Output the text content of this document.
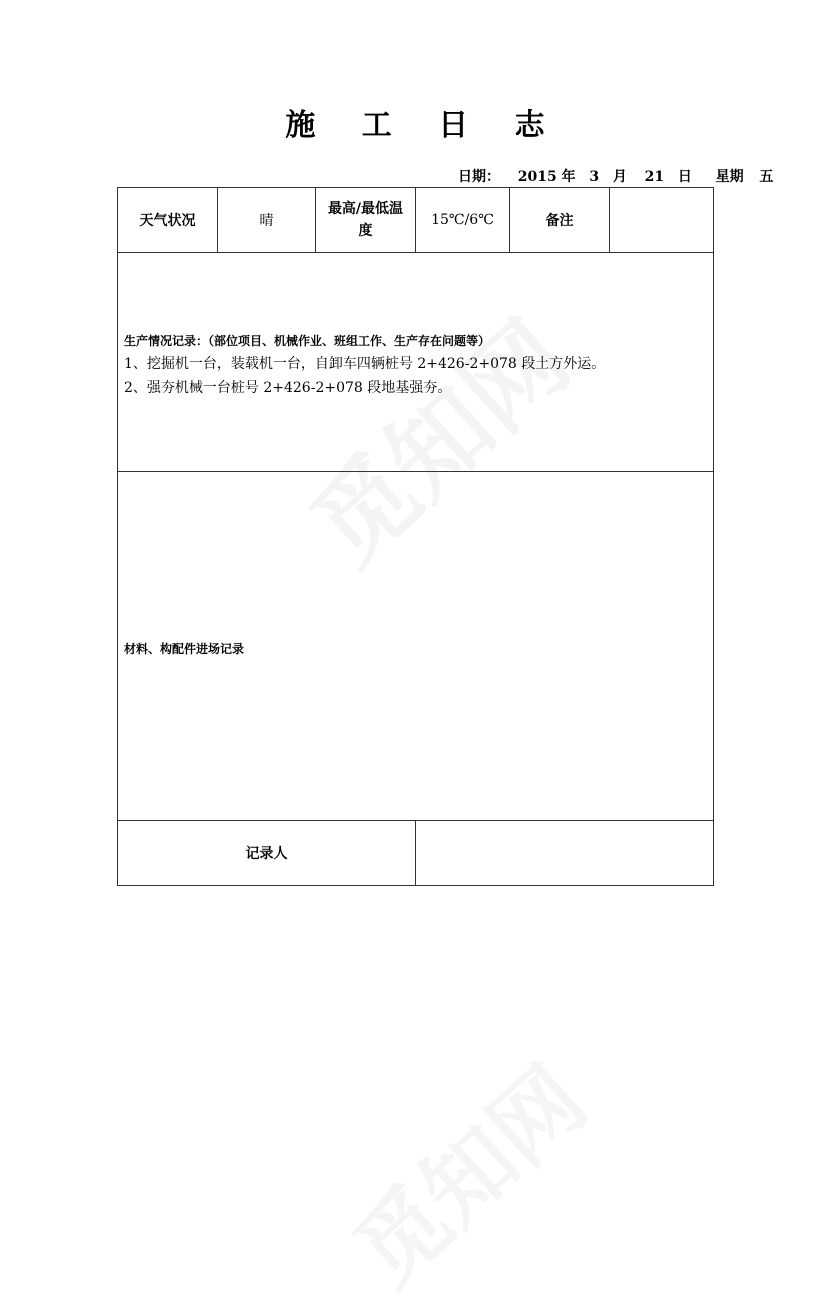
施 工 日 志
日期： 2015 年 3 月 21 日 星期 五
天气状况	晴	最高/最低温度	15℃/6℃	备注	

生产情况记录：（部位项目、机械作业、班组工作、生产存在问题等）
1、挖掘机一台，装载机一台，自卸车四辆桩号 2+426-2+078 段土方外运。
2、强夯机械一台桩号 2+426-2+078 段地基强夯。					

材料、构配件进场记录					

记录人					
